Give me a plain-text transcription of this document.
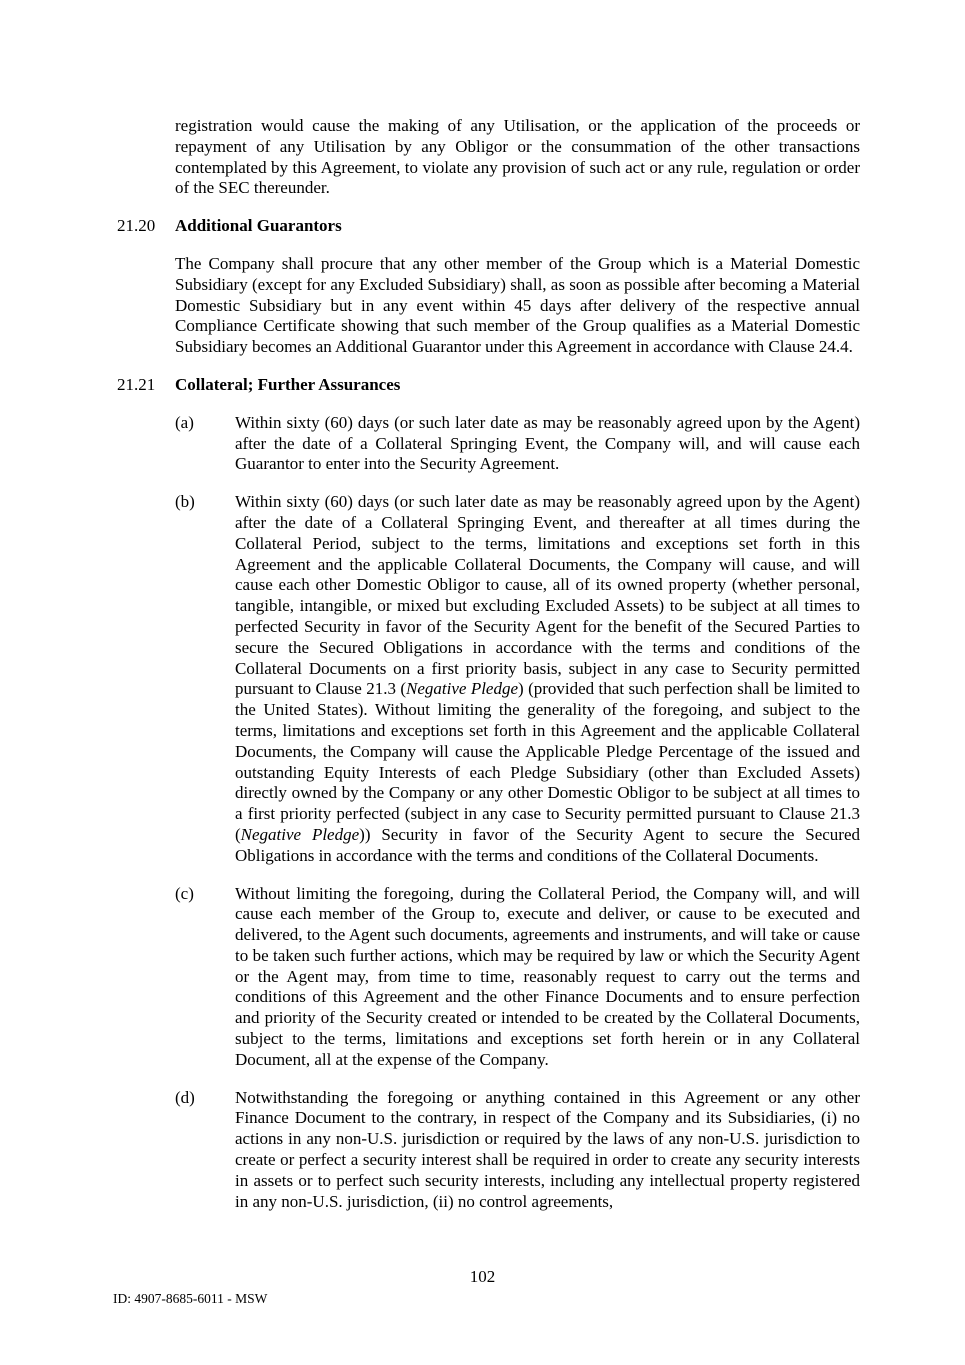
registration would cause the making of any Utilisation, or the application of the proceeds or repayment of any Utilisation by any Obligor or the consummation of the other transactions contemplated by this Agreement, to violate any provision of such act or any rule, regulation or order of the SEC thereunder.

21.20	Additional Guarantors

The Company shall procure that any other member of the Group which is a Material Domestic Subsidiary (except for any Excluded Subsidiary) shall, as soon as possible after becoming a Material Domestic Subsidiary but in any event within 45 days after delivery of the respective annual Compliance Certificate showing that such member of the Group qualifies as a Material Domestic Subsidiary becomes an Additional Guarantor under this Agreement in accordance with Clause 24.4.

21.21	Collateral; Further Assurances
(a)	Within sixty (60) days (or such later date as may be reasonably agreed upon by the Agent) after the date of a Collateral Springing Event, the Company will, and will cause each Guarantor to enter into the Security Agreement.

(b)	Within sixty (60) days (or such later date as may be reasonably agreed upon by the Agent) after the date of a Collateral Springing Event, and thereafter at all times during the Collateral Period, subject to the terms, limitations and exceptions set forth in this Agreement and the applicable Collateral Documents, the Company will cause, and will cause each other Domestic Obligor to cause, all of its owned property (whether personal, tangible, intangible, or mixed but excluding Excluded Assets) to be subject at all times to perfected Security in favor of the Security Agent for the benefit of the Secured Parties to secure the Secured Obligations in accordance with the terms and conditions of the Collateral Documents on a first priority basis, subject in any case to Security permitted pursuant to Clause 21.3 (Negative Pledge) (provided that such perfection shall be limited to the United States). Without limiting the generality of the foregoing, and subject to the terms, limitations and exceptions set forth in this Agreement and the applicable Collateral Documents, the Company will cause the Applicable Pledge Percentage of the issued and outstanding Equity Interests of each Pledge Subsidiary (other than Excluded Assets) directly owned by the Company or any other Domestic Obligor to be subject at all times to a first priority perfected (subject in any case to Security permitted pursuant to Clause 21.3 (Negative Pledge)) Security in favor of the Security Agent to secure the Secured Obligations in accordance with the terms and conditions of the Collateral Documents.

(c)	Without limiting the foregoing, during the Collateral Period, the Company will, and will cause each member of the Group to, execute and deliver, or cause to be executed and delivered, to the Agent such documents, agreements and instruments, and will take or cause to be taken such further actions, which may be required by law or which the Security Agent or the Agent may, from time to time, reasonably request to carry out the terms and conditions of this Agreement and the other Finance Documents and to ensure perfection and priority of the Security created or intended to be created by the Collateral Documents, subject to the terms, limitations and exceptions set forth herein or in any Collateral Document, all at the expense of the Company.

(d)	Notwithstanding the foregoing or anything contained in this Agreement or any other Finance Document to the contrary, in respect of the Company and its Subsidiaries, (i) no actions in any non-U.S. jurisdiction or required by the laws of any non-U.S. jurisdiction to create or perfect a security interest shall be required in order to create any security interests in assets or to perfect such security interests, including any intellectual property registered in any non-U.S. jurisdiction, (ii) no control agreements,

102
ID: 4907-8685-6011 - MSW
